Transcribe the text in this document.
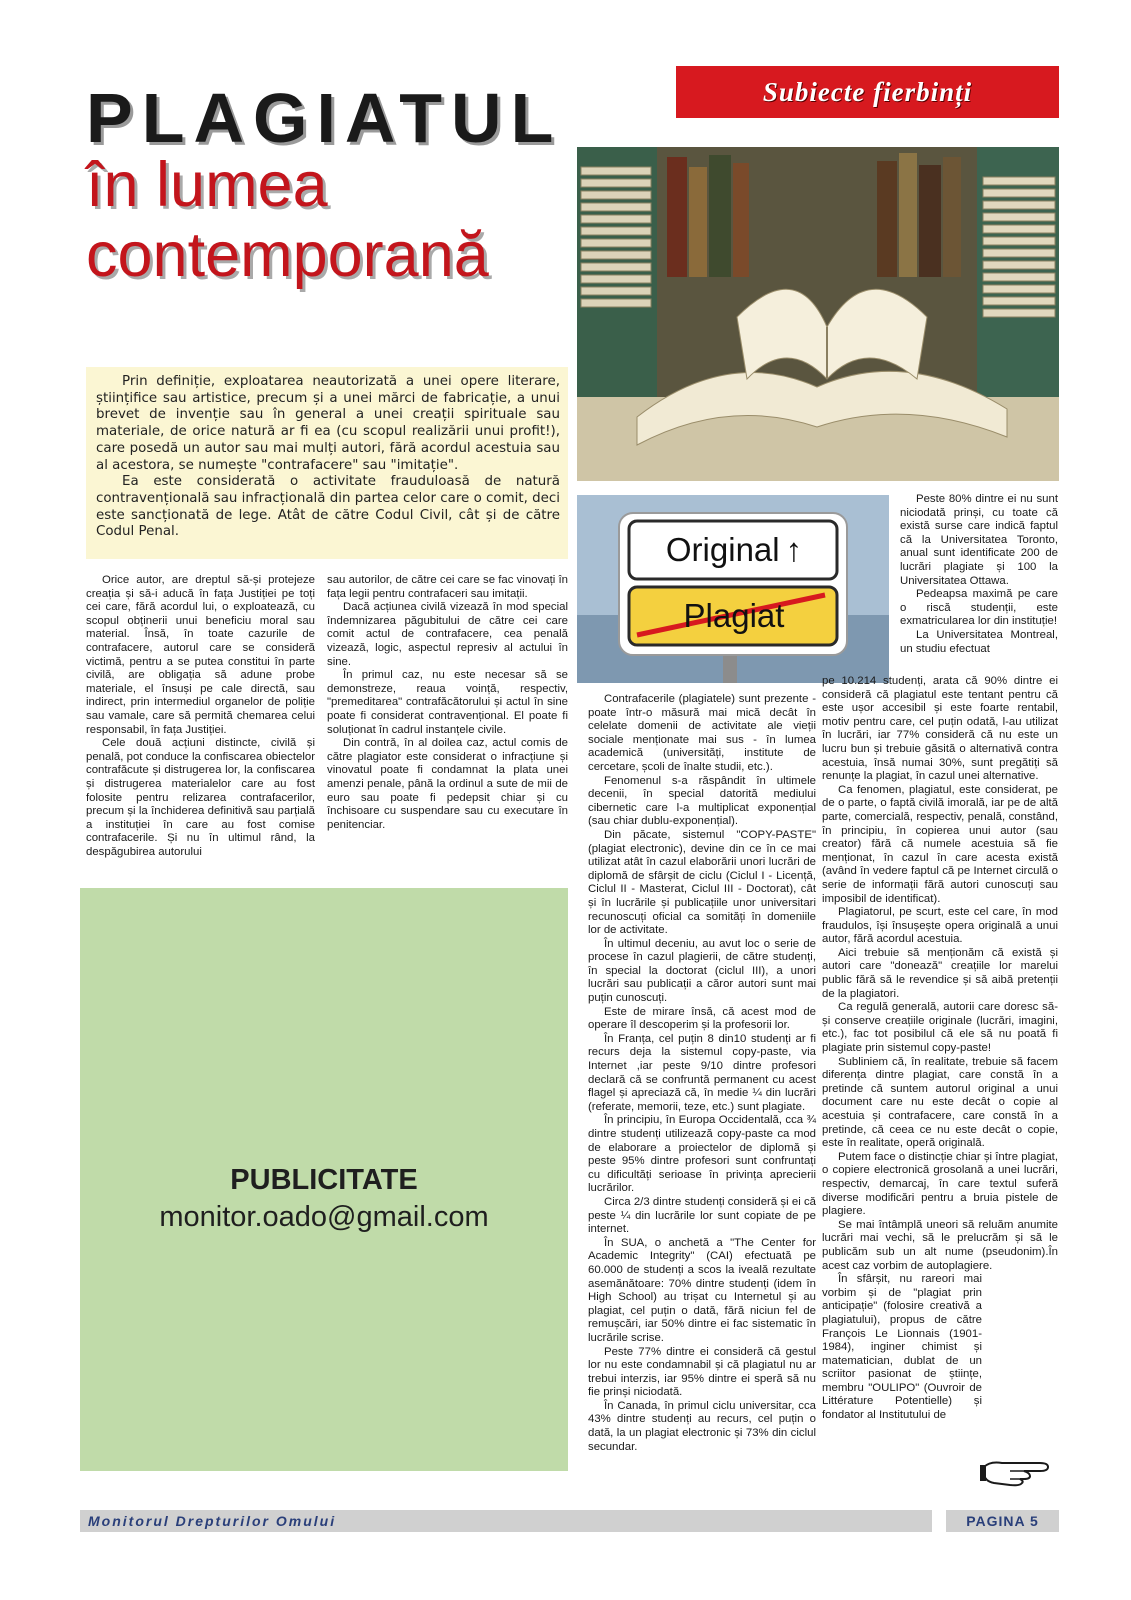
Subiecte fierbinți
PLAGIATUL
în lumea contemporană

Prin definiție, exploatarea neautorizată a unei opere literare, științifice sau artistice, precum și a unei mărci de fabricație, a unui brevet de invenție sau în general a unei creații spirituale sau materiale, de orice natură ar fi ea (cu scopul realizării unui profit!), care posedă un autor sau mai mulți autori, fără acordul acestuia sau al acestora, se numește "contrafacere" sau "imitație".

Ea este considerată o activitate frauduloasă de natură contravențională sau infracțională din partea celor care o comit, deci este sancționată de lege. Atât de către Codul Civil, cât și de către Codul Penal.

Orice autor, are dreptul să-și protejeze creația și să-i aducă în fața Justiției pe toți cei care, fără acordul lui, o exploatează, cu scopul obținerii unui beneficiu moral sau material. Însă, în toate cazurile de contrafacere, autorul care se consideră victimă, pentru a se putea constitui în parte civilă, are obligația să adune probe materiale, el însuși pe cale directă, sau indirect, prin intermediul organelor de poliție sau vamale, care să permită chemarea celui responsabil, în fața Justiției.

Cele două acțiuni distincte, civilă și penală, pot conduce la confiscarea obiectelor contrafăcute și distrugerea lor, la confiscarea și distrugerea materialelor care au fost folosite pentru relizarea contrafacerilor, precum și la închiderea definitivă sau parțială a instituției în care au fost comise contrafacerile. Și nu în ultimul rând, la despăgubirea autorului

sau autorilor, de către cei care se fac vinovați în fața legii pentru contrafaceri sau imitații.

Dacă acțiunea civilă vizează în mod special îndemnizarea păgubitului de către cei care comit actul de contrafacere, cea penală vizează, logic, aspectul represiv al actului în sine.

În primul caz, nu este necesar să se demonstreze, reaua voință, respectiv, "premeditarea" contrafăcătorului și actul în sine poate fi considerat contravențional. El poate fi soluționat în cadrul instanțele civile.

Din contră, în al doilea caz, actul comis de către plagiator este considerat o infracțiune și vinovatul poate fi condamnat la plata unei amenzi penale, până la ordinul a sute de mii de euro sau poate fi pedepsit chiar și cu închisoare cu suspendare sau cu executare în penitenciar.

PUBLICITATE
monitor.oado@gmail.com
Original ↑
Plagiat

Contrafacerile (plagiatele) sunt prezente - poate într-o măsură mai mică decât în celelate domenii de activitate ale vieții sociale menționate mai sus - în lumea academică (universități, institute de cercetare, școli de înalte studii, etc.).

Fenomenul s-a răspândit în ultimele decenii, în special datorită mediului cibernetic care l-a multiplicat exponențial (sau chiar dublu-exponențial).

Din păcate, sistemul "COPY-PASTE" (plagiat electronic), devine din ce în ce mai utilizat atât în cazul elaborării unori lucrări de diplomă de sfârșit de ciclu (Ciclul I - Licență, Ciclul II - Masterat, Ciclul III - Doctorat), cât și în lucrările și publicațiile unor universitari recunoscuți oficial ca somități în domeniile lor de activitate.

În ultimul deceniu, au avut loc o serie de procese în cazul plagierii, de către studenți, în special la doctorat (ciclul III), a unori lucrări sau publicații a căror autori sunt mai puțin cunoscuți.

Este de mirare însă, că acest mod de operare îl descoperim și la profesorii lor.

În Franța, cel puțin 8 din10 studenți ar fi recurs deja la sistemul copy-paste, via Internet ,iar peste 9/10 dintre profesori declară că se confruntă permanent cu acest flagel și apreciază că, în medie ¼ din lucrări (referate, memorii, teze, etc.) sunt plagiate.

În principiu, în Europa Occidentală, cca ¾ dintre studenți utilizează copy-paste ca mod de elaborare a proiectelor de diplomă și peste 95% dintre profesori sunt confruntați cu dificultăți serioase în privința aprecierii lucrărilor.

Circa 2/3 dintre studenți consideră și ei că peste ¼ din lucrările lor sunt copiate de pe internet.

În SUA, o anchetă a "The Center for Academic Integrity" (CAI) efectuată pe 60.000 de studenți a scos la iveală rezultate asemănătoare: 70% dintre studenți (idem în High School) au trișat cu Internetul și au plagiat, cel puțin o dată, fără niciun fel de remușcări, iar 50% dintre ei fac sistematic în lucrările scrise.

Peste 77% dintre ei consideră că gestul lor nu este condamnabil și că plagiatul nu ar trebui interzis, iar 95% dintre ei speră să nu fie prinși niciodată.

În Canada, în primul ciclu universitar, cca 43% dintre studenți au recurs, cel puțin o dată, la un plagiat electronic și 73% din ciclul secundar.

Peste 80% dintre ei nu sunt niciodată prinși, cu toate că există surse care indică faptul că la Universitatea Toronto, anual sunt identificate 200 de lucrări plagiate și 100 la Universitatea Ottawa.

Pedeapsa maximă pe care o riscă studenții, este exmatricularea lor din instituție!

La Universitatea Montreal, un studiu efectuat

pe 10.214 studenți, arata că 90% dintre ei consideră că plagiatul este tentant pentru că este ușor accesibil și este foarte rentabil, motiv pentru care, cel puțin odată, l-au utilizat în lucrări, iar 77% consideră că nu este un lucru bun și trebuie găsită o alternativă contra acestuia, însă numai 30%, sunt pregătiți să renunțe la plagiat, în cazul unei alternative.

Ca fenomen, plagiatul, este considerat, pe de o parte, o faptă civilă imorală, iar pe de altă parte, comercială, respectiv, penală, constând, în principiu, în copierea unui autor (sau creator) fără că numele acestuia să fie menționat, în cazul în care acesta există (având în vedere faptul că pe Internet circulă o serie de informații fără autori cunoscuți sau imposibil de identificat).

Plagiatorul, pe scurt, este cel care, în mod fraudulos, își însușește opera originală a unui autor, fără acordul acestuia.

Aici trebuie să menționăm că există și autori care "donează" creațiile lor marelui public fără să le revendice și să aibă pretenții de la plagiatori.

Ca regulă generală, autorii care doresc să-și conserve creațiile originale (lucrări, imagini, etc.), fac tot posibilul că ele să nu poată fi plagiate prin sistemul copy-paste!

Subliniem că, în realitate, trebuie să facem diferența dintre plagiat, care constă în a pretinde că suntem autorul original a unui document care nu este decât o copie al acestuia și contrafacere, care constă în a pretinde, că ceea ce nu este decât o copie, este în realitate, operă originală.

Putem face o distincție chiar și între plagiat, o copiere electronică grosolană a unei lucrări, respectiv, demarcaj, în care textul suferă diverse modificări pentru a bruia pistele de plagiere.

Se mai întâmplă uneori să reluăm anumite lucrări mai vechi, să le prelucrăm și să le publicăm sub un alt nume (pseudonim).În acest caz vorbim de autoplagiere.

În sfârșit, nu rareori mai vorbim și de "plagiat prin anticipație" (folosire creativă a plagiatului), propus de către François Le Lionnais (1901-1984), inginer chimist și matematician, dublat de un scriitor pasionat de științe, membru "OULIPO" (Ouvroir de Littérature Potentielle) și fondator al Institutului de

Monitorul Drepturilor Omului	PAGINA 5
